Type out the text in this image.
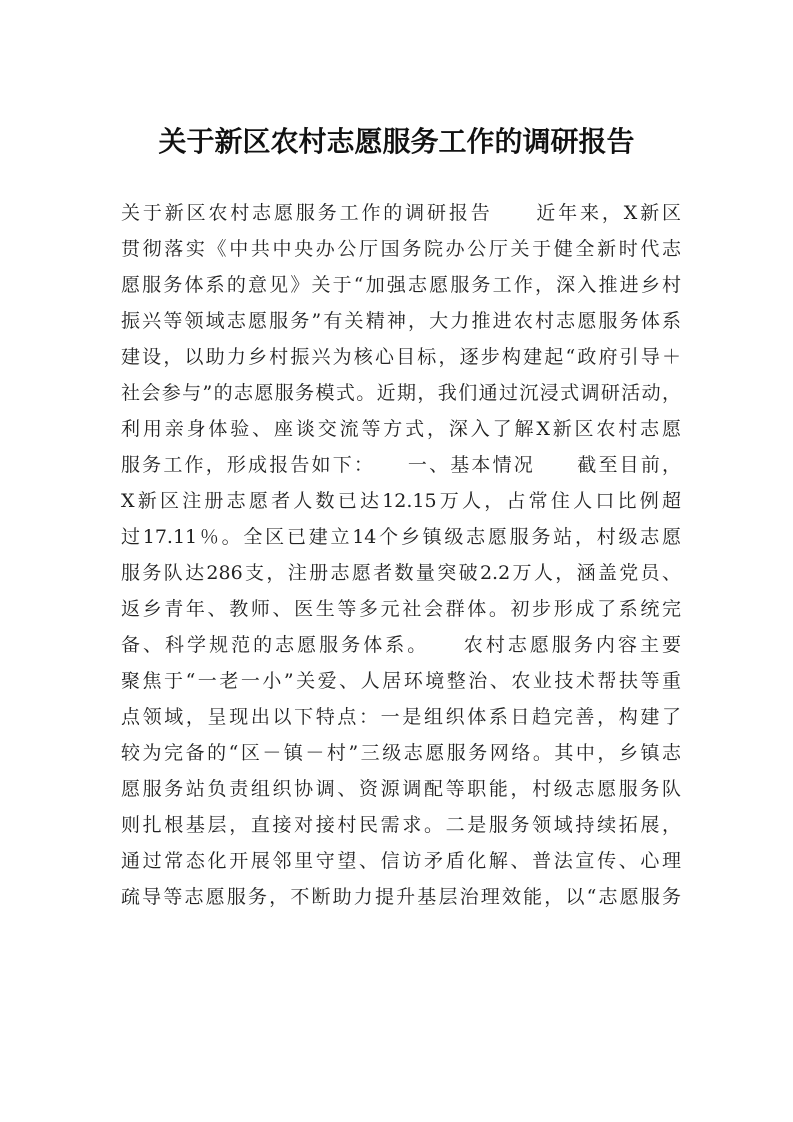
关于新区农村志愿服务工作的调研报告
关于新区农村志愿服务工作的调研报告　　近年来，X新区
贯彻落实《中共中央办公厅国务院办公厅关于健全新时代志
愿服务体系的意见》关于“加强志愿服务工作，深入推进乡村
振兴等领域志愿服务”有关精神，大力推进农村志愿服务体系
建设，以助力乡村振兴为核心目标，逐步构建起“政府引导＋
社会参与”的志愿服务模式。近期，我们通过沉浸式调研活动，
利用亲身体验、座谈交流等方式，深入了解X新区农村志愿
服务工作，形成报告如下：　　一、基本情况　　截至目前，
X新区注册志愿者人数已达12.15万人，占常住人口比例超
过17.11％。全区已建立14个乡镇级志愿服务站，村级志愿
服务队达286支，注册志愿者数量突破2.2万人，涵盖党员、
返乡青年、教师、医生等多元社会群体。初步形成了系统完
备、科学规范的志愿服务体系。　　农村志愿服务内容主要
聚焦于“一老一小”关爱、人居环境整治、农业技术帮扶等重
点领域，呈现出以下特点：一是组织体系日趋完善，构建了
较为完备的“区－镇－村”三级志愿服务网络。其中，乡镇志
愿服务站负责组织协调、资源调配等职能，村级志愿服务队
则扎根基层，直接对接村民需求。二是服务领域持续拓展，
通过常态化开展邻里守望、信访矛盾化解、普法宣传、心理
疏导等志愿服务，不断助力提升基层治理效能，以“志愿服务
